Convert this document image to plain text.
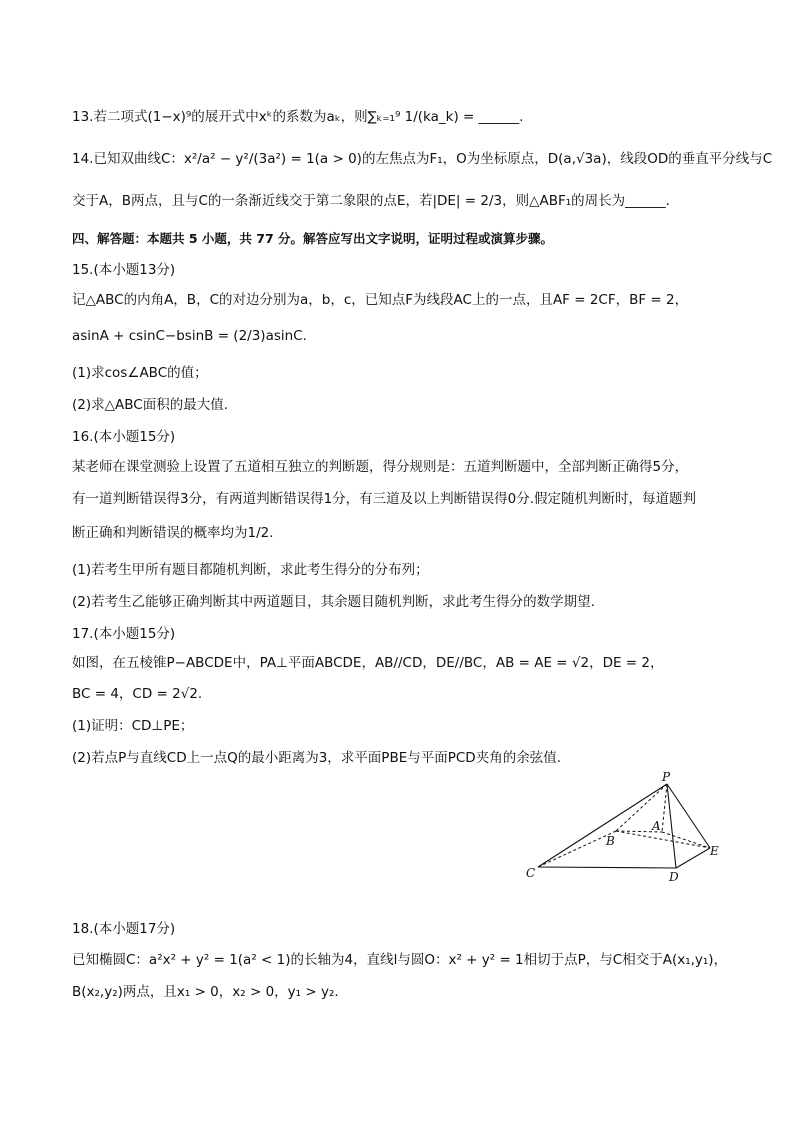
13.若二项式(1−x)⁹的展开式中xᵏ的系数为aₖ，则∑ₖ₌₁⁹ 1/(ka_k) = ______.
14.已知双曲线C：x²/a² − y²/(3a²) = 1(a > 0)的左焦点为F₁，O为坐标原点，D(a,√3a)，线段OD的垂直平分线与C
交于A，B两点，且与C的一条渐近线交于第二象限的点E，若|DE| = 2/3，则△ABF₁的周长为______.
四、解答题：本题共 5 小题，共 77 分。解答应写出文字说明，证明过程或演算步骤。
15.(本小题13分)
记△ABC的内角A，B，C的对边分别为a，b，c，已知点F为线段AC上的一点，且AF = 2CF，BF = 2，
asinA + csinC−bsinB = (2/3)asinC.
(1)求cos∠ABC的值；
(2)求△ABC面积的最大值.
16.(本小题15分)
某老师在课堂测验上设置了五道相互独立的判断题，得分规则是：五道判断题中，全部判断正确得5分，
有一道判断错误得3分，有两道判断错误得1分，有三道及以上判断错误得0分.假定随机判断时，每道题判
断正确和判断错误的概率均为1/2.
(1)若考生甲所有题目都随机判断，求此考生得分的分布列；
(2)若考生乙能够正确判断其中两道题目，其余题目随机判断，求此考生得分的数学期望.
17.(本小题15分)
如图，在五棱锥P−ABCDE中，PA⊥平面ABCDE，AB//CD，DE//BC，AB = AE = √2，DE = 2，
BC = 4，CD = 2√2.
(1)证明：CD⊥PE；
(2)若点P与直线CD上一点Q的最小距离为3，求平面PBE与平面PCD夹角的余弦值.
P
A
B
C	D
E
18.(本小题17分)
已知椭圆C：a²x² + y² = 1(a² < 1)的长轴为4，直线l与圆O：x² + y² = 1相切于点P，与C相交于A(x₁,y₁)，
B(x₂,y₂)两点，且x₁ > 0，x₂ > 0，y₁ > y₂.
